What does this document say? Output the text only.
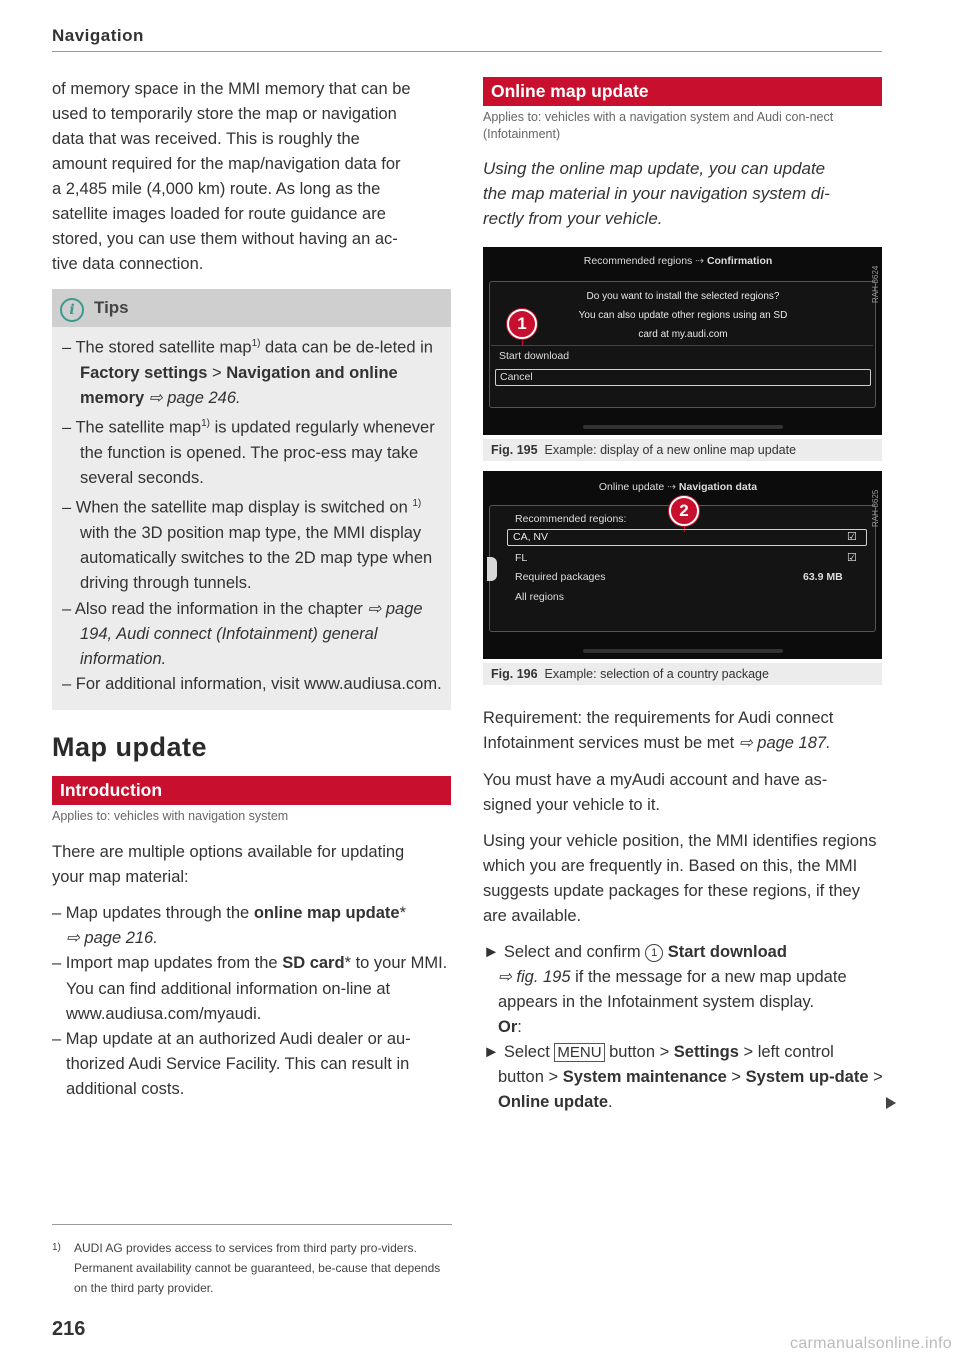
Navigation

of memory space in the MMI memory that can be

used to temporarily store the map or navigation

data that was received. This is roughly the

amount required for the map/navigation data for

a 2,485 mile (4,000 km) route. As long as the

satellite images loaded for route guidance are

stored, you can use them without having an ac-

tive data connection.

i	Tips

– The stored satellite map$^{1)}$ data can be de-leted in Factory settings > Navigation and online memory ⇨ page 246.

– The satellite map$^{1)}$ is updated regularly whenever the function is opened. The proc-ess may take several seconds.

– When the satellite map display is switched on $^{1)}$ with the 3D position map type, the MMI display automatically switches to the 2D map type when driving through tunnels.

– Also read the information in the chapter ⇨ page 194, Audi connect (Infotainment) general information.

– For additional information, visit www.audiusa.com.

Map update
Introduction
Applies to: vehicles with navigation system

There are multiple options available for updating

your map material:

– Map updates through the online map update*
⇨ page 216.

– Import map updates from the SD card* to your MMI. You can find additional information on-line at www.audiusa.com/myaudi.

– Map update at an authorized Audi dealer or au-thorized Audi Service Facility. This can result in additional costs.

1)	AUDI AG provides access to services from third party pro-viders. Permanent availability cannot be guaranteed, be-cause that depends on the third party provider.
216
Online map update
Applies to: vehicles with a navigation system and Audi con-nect (Infotainment)
Using the online map update, you can update
the map material in your navigation system di-
rectly from your vehicle.
Recommended regions ⇢ Confirmation
Do you want to install the selected regions?
You can also update other regions using an SD
card at my.audi.com
1
Start download
Cancel
RAH-8624
Fig. 195 Example: display of a new online map update
Online update ⇢ Navigation data
Recommended regions:	2
CA, NV	☑
FL	☑
Required packages	63.9 MB
All regions
RAH-8625
Fig. 196 Example: selection of a country package
Requirement: the requirements for Audi connect Infotainment services must be met ⇨ page 187.
You must have a myAudi account and have as-signed your vehicle to it.
Using your vehicle position, the MMI identifies regions which you are frequently in. Based on this, the MMI suggests update packages for these regions, if they are available.

► Select and confirm 1 Start download
⇨ fig. 195 if the message for a new map update appears in the Infotainment system display.

Or:

► Select MENU button > Settings > left control button > System maintenance > System up-date > Online update.

carmanualsonline.info
